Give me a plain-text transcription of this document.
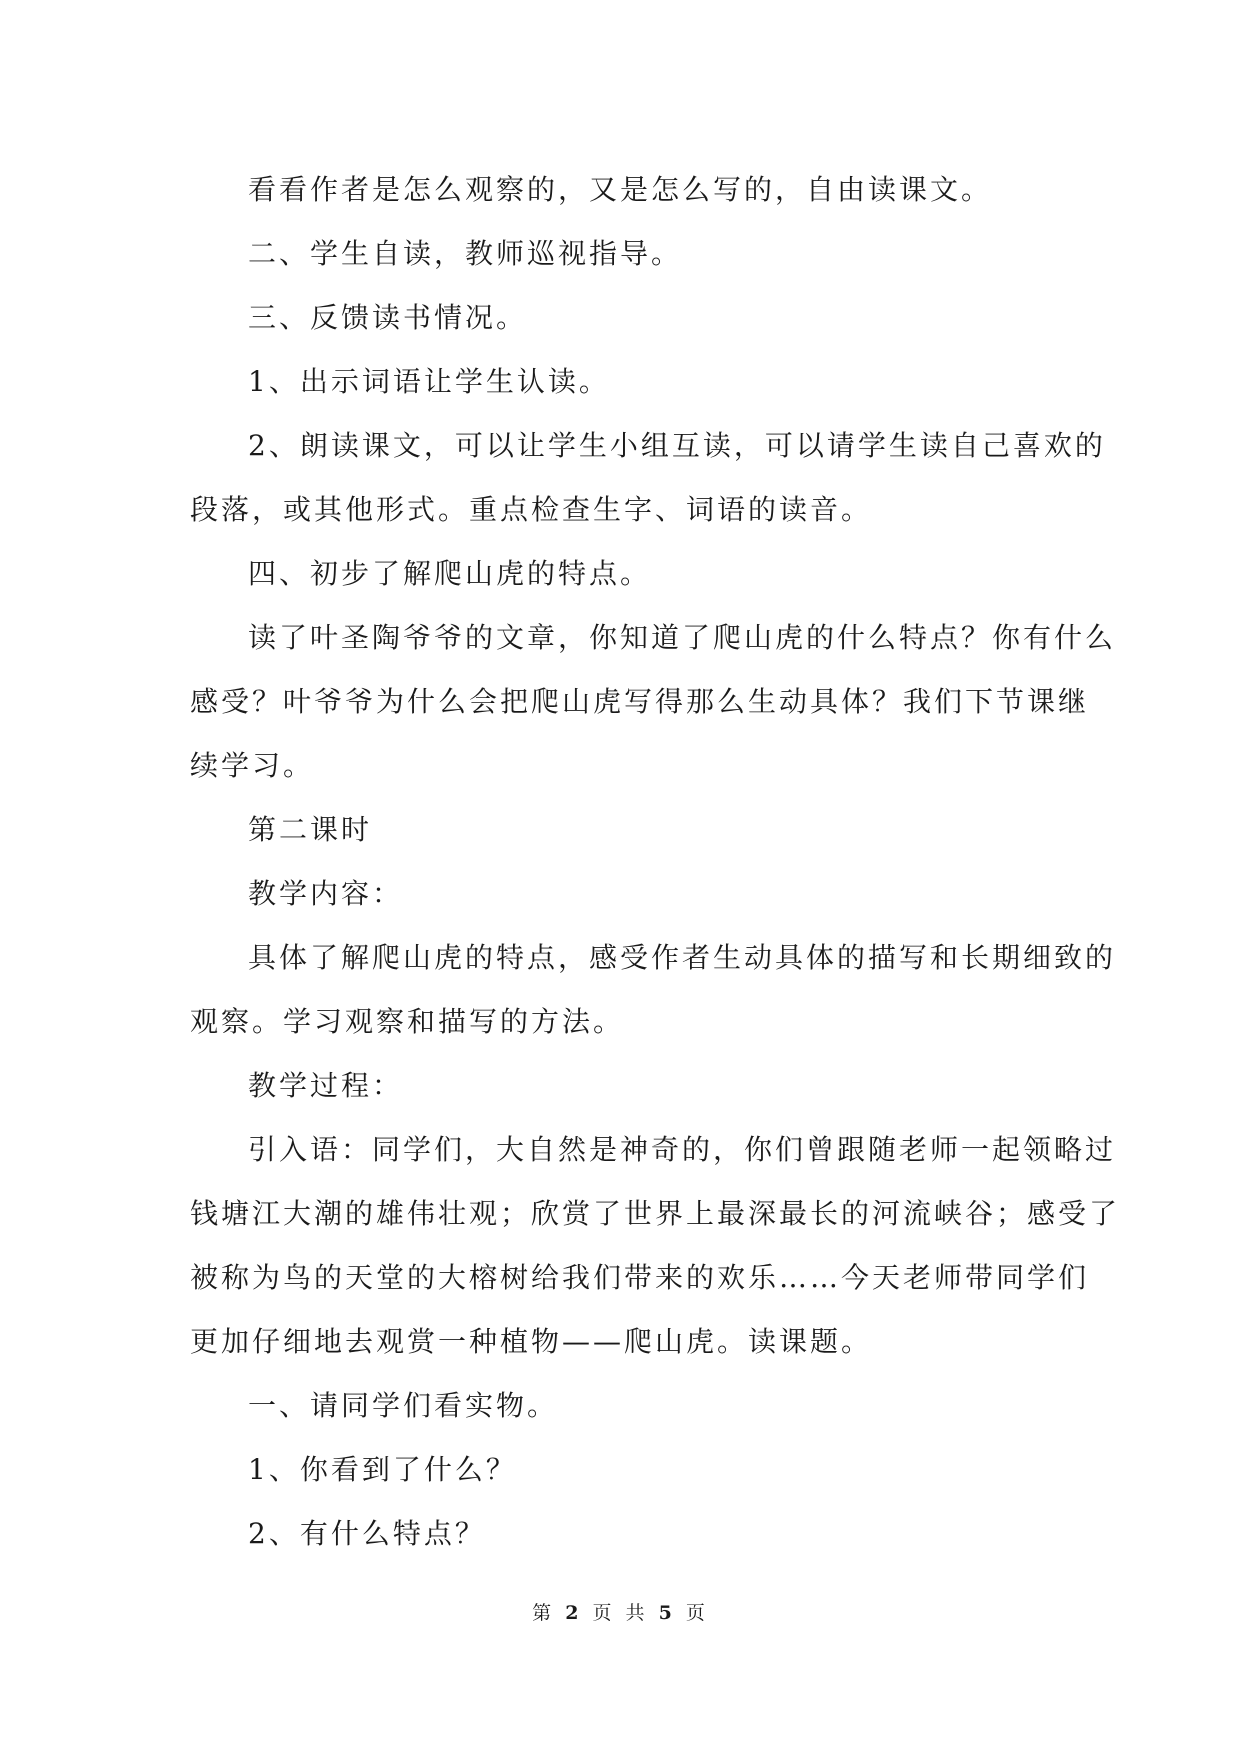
看看作者是怎么观察的，又是怎么写的，自由读课文。
二、学生自读，教师巡视指导。
三、反馈读书情况。
1、出示词语让学生认读。
2、朗读课文，可以让学生小组互读，可以请学生读自己喜欢的
段落，或其他形式。重点检查生字、词语的读音。
四、初步了解爬山虎的特点。
读了叶圣陶爷爷的文章，你知道了爬山虎的什么特点？你有什么
感受？叶爷爷为什么会把爬山虎写得那么生动具体？我们下节课继
续学习。
第二课时
教学内容：
具体了解爬山虎的特点，感受作者生动具体的描写和长期细致的
观察。学习观察和描写的方法。
教学过程：
引入语：同学们，大自然是神奇的，你们曾跟随老师一起领略过
钱塘江大潮的雄伟壮观；欣赏了世界上最深最长的河流峡谷；感受了
被称为鸟的天堂的大榕树给我们带来的欢乐……今天老师带同学们
更加仔细地去观赏一种植物——爬山虎。读课题。
一、请同学们看实物。
1、你看到了什么？
2、有什么特点？
第 2 页 共 5 页
